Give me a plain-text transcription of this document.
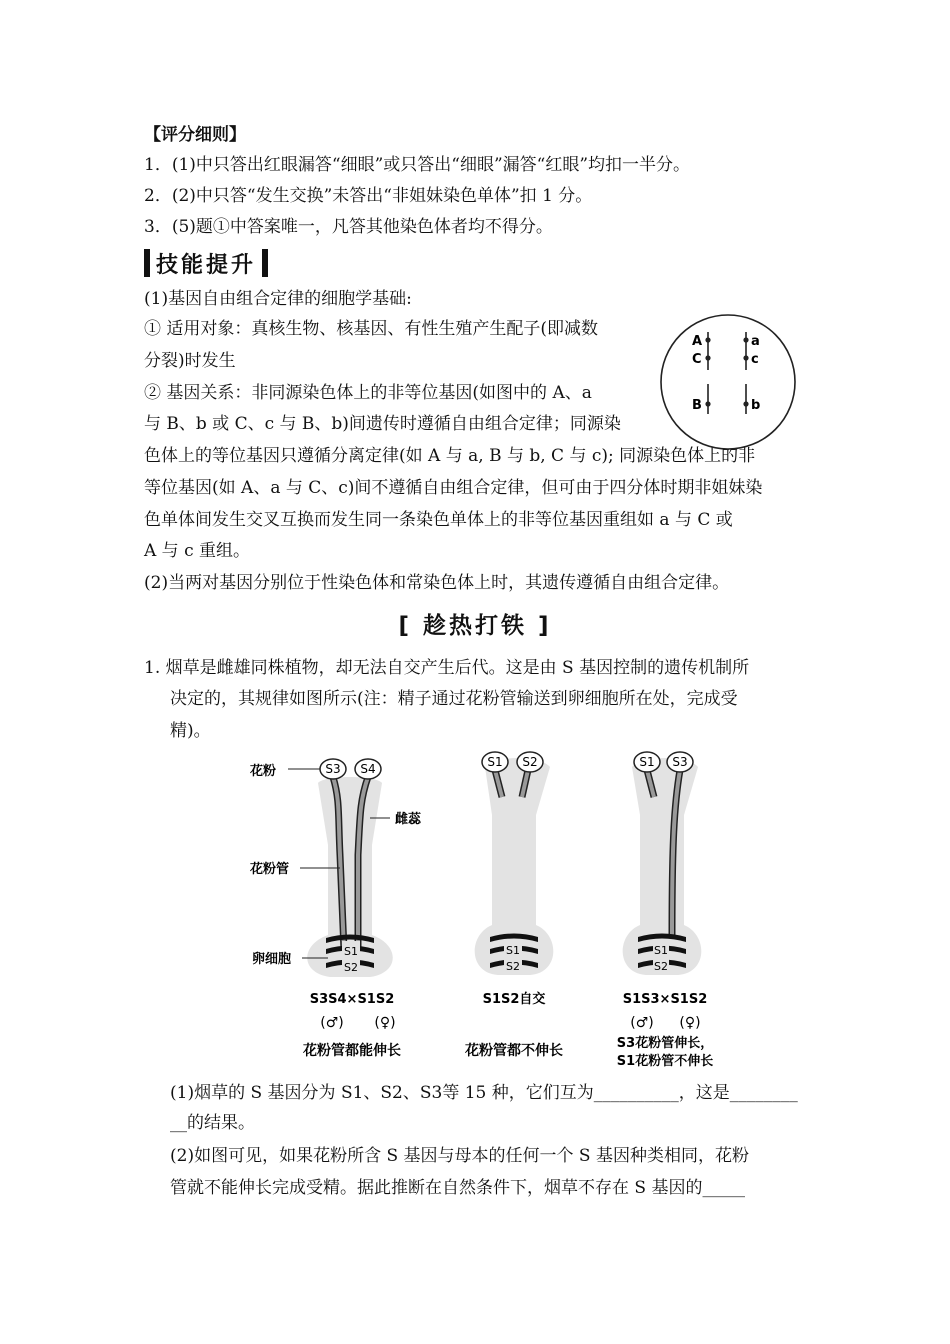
【评分细则】
1．(1)中只答出红眼漏答“细眼”或只答出“细眼”漏答“红眼”均扣一半分。
2．(2)中只答“发生交换”未答出“非姐妹染色单体”扣 1 分。
3．(5)题①中答案唯一，凡答其他染色体者均不得分。
技能提升
(1)基因自由组合定律的细胞学基础:
① 适用对象：真核生物、核基因、有性生殖产生配子(即减数
分裂)时发生
② 基因关系：非同源染色体上的非等位基因(如图中的 A、a
与 B、b 或 C、c 与 B、b)间遗传时遵循自由组合定律；同源染
色体上的等位基因只遵循分离定律(如 A 与 a, B 与 b, C 与 c); 同源染色体上的非
等位基因(如 A、a 与 C、c)间不遵循自由组合定律，但可由于四分体时期非姐妹染
色单体间发生交叉互换而发生同一条染色单体上的非等位基因重组如 a 与 C 或
A 与 c 重组。
(2)当两对基因分别位于性染色体和常染色体上时，其遗传遵循自由组合定律。
A
C
B
a
c
b
[ 趁热打铁 ]
1. 烟草是雌雄同株植物，却无法自交产生后代。这是由 S 基因控制的遗传机制所
决定的，其规律如图所示(注：精子通过花粉管输送到卵细胞所在处，完成受
精)。
S3 S4
S1
S2
花粉
雌蕊
花粉管
卵细胞
S3S4×S1S2
(♂) (♀)
花粉管都能伸长
S1 S2
S1
S2
S1S2自交
花粉管都不伸长
S1 S3
S1
S2
S1S3×S1S2
(♂) (♀)
S3花粉管伸长，
S1花粉管不伸长
(1)烟草的 S 基因分为 S1、S2、S3等 15 种，它们互为__________，这是________
__的结果。
(2)如图可见，如果花粉所含 S 基因与母本的任何一个 S 基因种类相同，花粉
管就不能伸长完成受精。据此推断在自然条件下，烟草不存在 S 基因的_____
